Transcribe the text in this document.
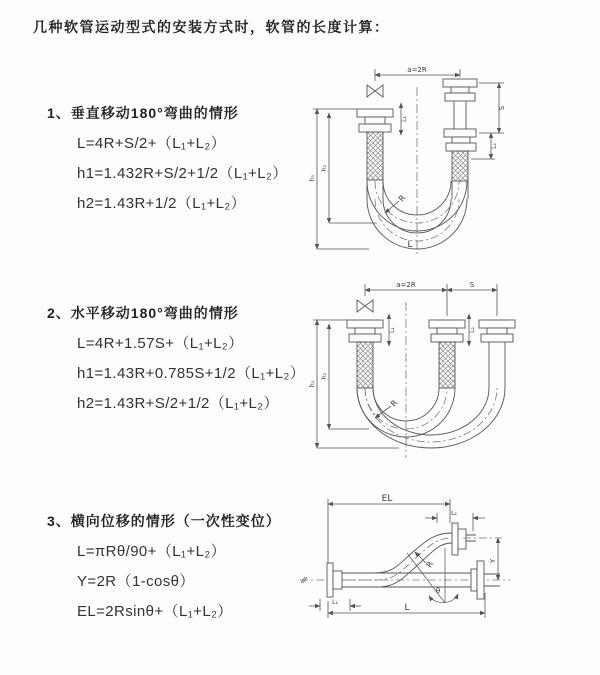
几种软管运动型式的安装方式时，软管的长度计算：
1、垂直移动180°弯曲的情形
L=4R+S/2+（L₁+L₂）
h1=1.432R+S/2+1/2（L₁+L₂）
h2=1.43R+1/2（L₁+L₂）
2、水平移动180°弯曲的情形
L=4R+1.57S+（L₁+L₂）
h1=1.43R+0.785S+1/2（L₁+L₂）
h2=1.43R+S/2+1/2（L₁+L₂）
3、横向位移的情形（一次性变位）
L=πRθ/90+（L₁+L₂）
Y=2R（1-cosθ）
EL=2Rsinθ+（L₁+L₂）
a=2R
L₁
S
L₂
h₁
h₂
R
L
a=2R	S
L₁	L₂
h₁
h₂
R
EL
L₂
L₁
Y
R
θ
L
